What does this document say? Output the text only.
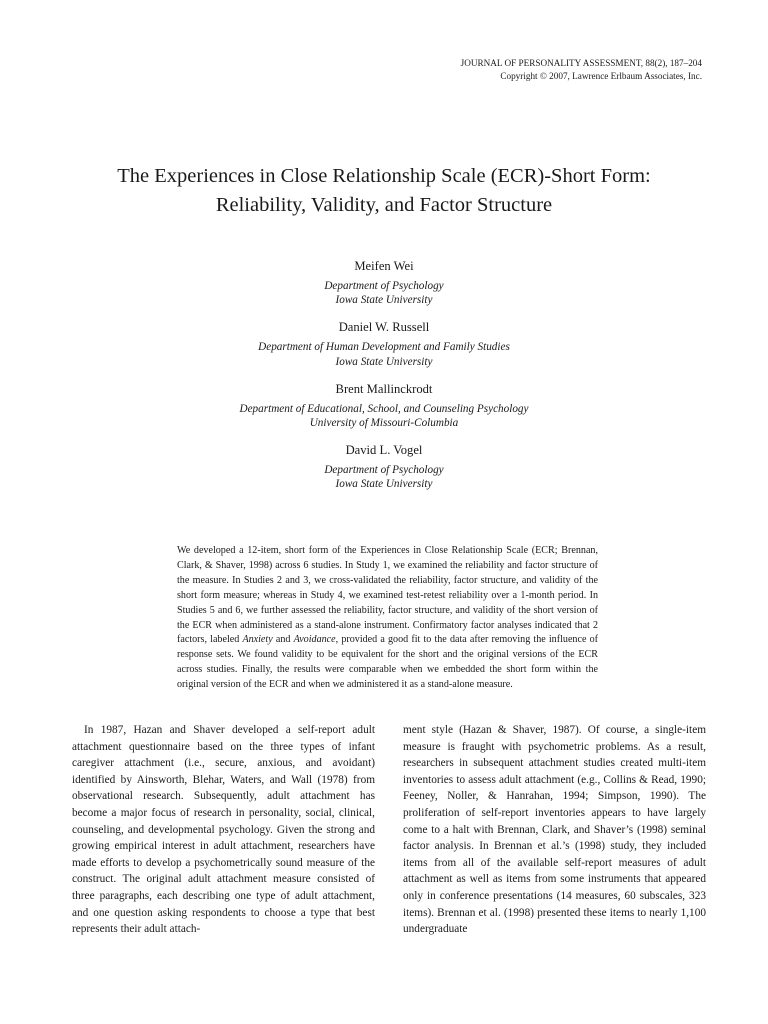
JOURNAL OF PERSONALITY ASSESSMENT, 88(2), 187–204
Copyright © 2007, Lawrence Erlbaum Associates, Inc.
The Experiences in Close Relationship Scale (ECR)-Short Form: Reliability, Validity, and Factor Structure
Meifen Wei
Department of Psychology
Iowa State University
Daniel W. Russell
Department of Human Development and Family Studies
Iowa State University
Brent Mallinckrodt
Department of Educational, School, and Counseling Psychology
University of Missouri-Columbia
David L. Vogel
Department of Psychology
Iowa State University

We developed a 12-item, short form of the Experiences in Close Relationship Scale (ECR; Brennan, Clark, & Shaver, 1998) across 6 studies. In Study 1, we examined the reliability and factor structure of the measure. In Studies 2 and 3, we cross-validated the reliability, factor structure, and validity of the short form measure; whereas in Study 4, we examined test-retest reliability over a 1-month period. In Studies 5 and 6, we further assessed the reliability, factor structure, and validity of the short version of the ECR when administered as a stand-alone instrument. Confirmatory factor analyses indicated that 2 factors, labeled Anxiety and Avoidance, provided a good fit to the data after removing the influence of response sets. We found validity to be equivalent for the short and the original versions of the ECR across studies. Finally, the results were comparable when we embedded the short form within the original version of the ECR and when we administered it as a stand-alone measure.

In 1987, Hazan and Shaver developed a self-report adult attachment questionnaire based on the three types of infant caregiver attachment (i.e., secure, anxious, and avoidant) identified by Ainsworth, Blehar, Waters, and Wall (1978) from observational research. Subsequently, adult attachment has become a major focus of research in personality, social, clinical, counseling, and developmental psychology. Given the strong and growing empirical interest in adult attachment, researchers have made efforts to develop a psychometrically sound measure of the construct. The original adult attachment measure consisted of three paragraphs, each describing one type of adult attachment, and one question asking respondents to choose a type that best represents their adult attach-

ment style (Hazan & Shaver, 1987). Of course, a single-item measure is fraught with psychometric problems. As a result, researchers in subsequent attachment studies created multi-item inventories to assess adult attachment (e.g., Collins & Read, 1990; Feeney, Noller, & Hanrahan, 1994; Simpson, 1990). The proliferation of self-report inventories appears to have largely come to a halt with Brennan, Clark, and Shaver’s (1998) seminal factor analysis. In Brennan et al.’s (1998) study, they included items from all of the available self-report measures of adult attachment as well as items from some instruments that appeared only in conference presentations (14 measures, 60 subscales, 323 items). Brennan et al. (1998) presented these items to nearly 1,100 undergraduate
